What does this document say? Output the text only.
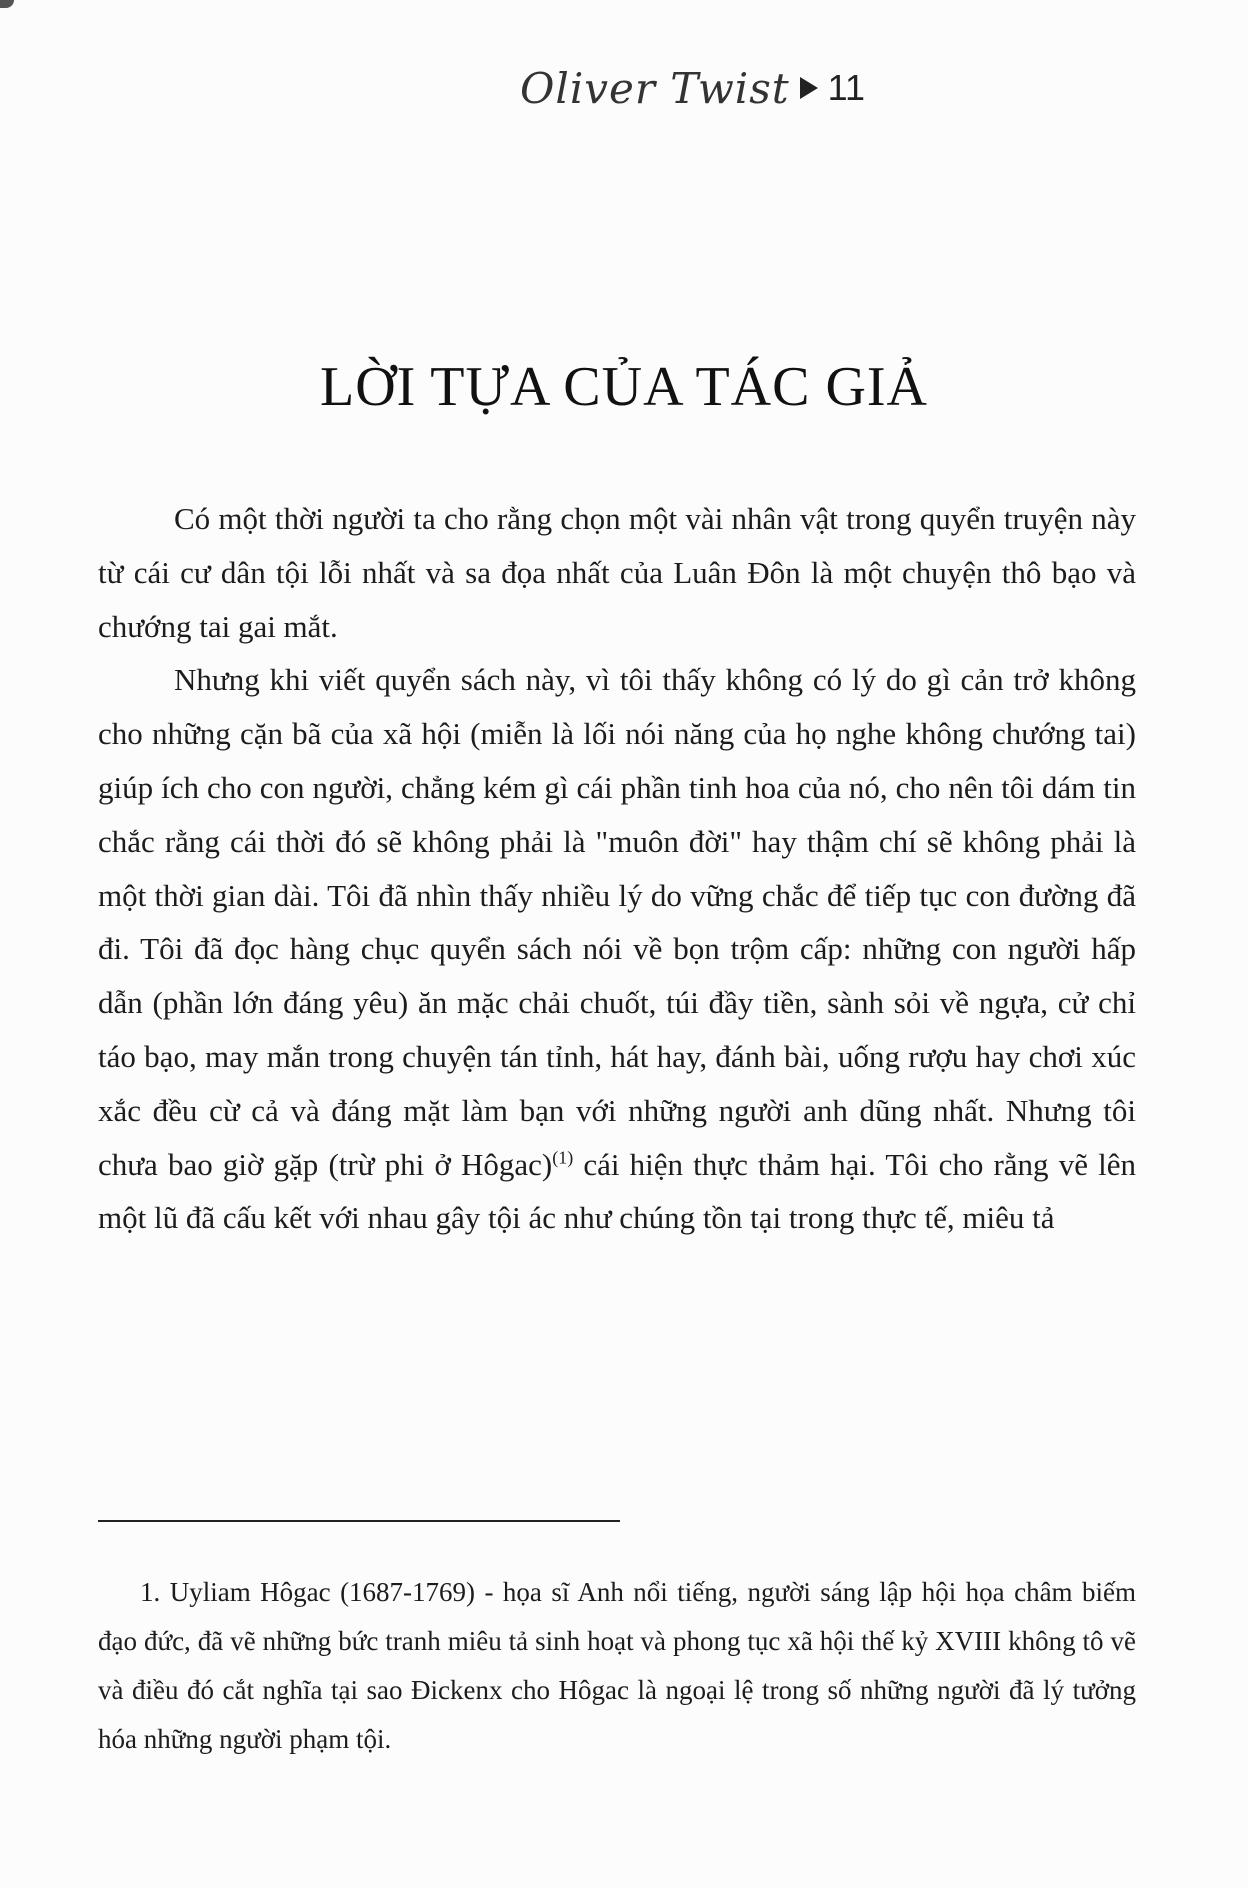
Oliver Twist 11
LỜI TỰA CỦA TÁC GIẢ

Có một thời người ta cho rằng chọn một vài nhân vật trong quyển truyện này từ cái cư dân tội lỗi nhất và sa đọa nhất của Luân Đôn là một chuyện thô bạo và chướng tai gai mắt.

Nhưng khi viết quyển sách này, vì tôi thấy không có lý do gì cản trở không cho những cặn bã của xã hội (miễn là lối nói năng của họ nghe không chướng tai) giúp ích cho con người, chẳng kém gì cái phần tinh hoa của nó, cho nên tôi dám tin chắc rằng cái thời đó sẽ không phải là "muôn đời" hay thậm chí sẽ không phải là một thời gian dài. Tôi đã nhìn thấy nhiều lý do vững chắc để tiếp tục con đường đã đi. Tôi đã đọc hàng chục quyển sách nói về bọn trộm cấp: những con người hấp dẫn (phần lớn đáng yêu) ăn mặc chải chuốt, túi đầy tiền, sành sỏi về ngựa, cử chỉ táo bạo, may mắn trong chuyện tán tỉnh, hát hay, đánh bài, uống rượu hay chơi xúc xắc đều cừ cả và đáng mặt làm bạn với những người anh dũng nhất. Nhưng tôi chưa bao giờ gặp (trừ phi ở Hôgac)$^{(1)}$ cái hiện thực thảm hại. Tôi cho rằng vẽ lên một lũ đã cấu kết với nhau gây tội ác như chúng tồn tại trong thực tế, miêu tả

1. Uyliam Hôgac (1687-1769) - họa sĩ Anh nổi tiếng, người sáng lập hội họa châm biếm đạo đức, đã vẽ những bức tranh miêu tả sinh hoạt và phong tục xã hội thế kỷ XVIII không tô vẽ và điều đó cắt nghĩa tại sao Đickenx cho Hôgac là ngoại lệ trong số những người đã lý tưởng hóa những người phạm tội.
